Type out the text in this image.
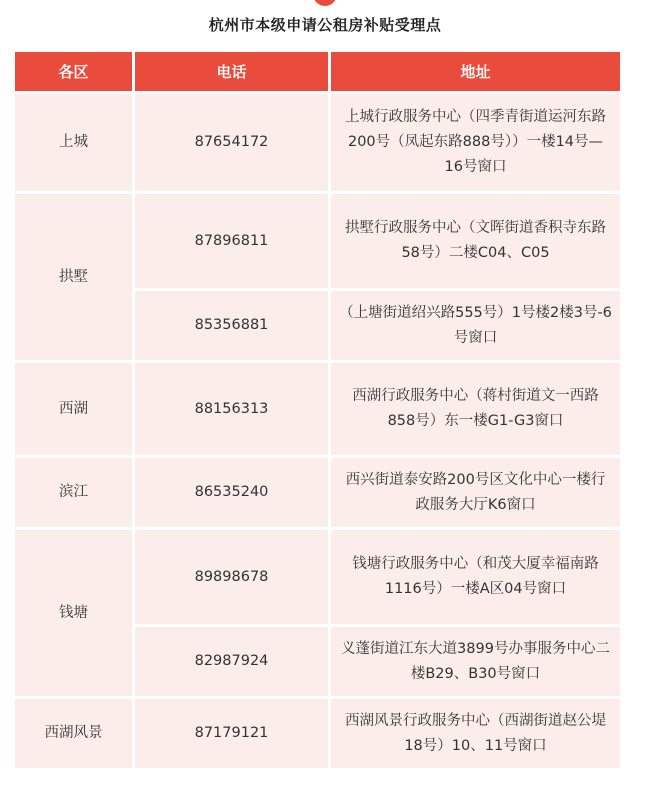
杭州市本级申请公租房补贴受理点
各区	电话	地址
上城	87654172	上城行政服务中心（四季青街道运河东路200号（凤起东路888号））一楼14号—16号窗口
拱墅	87896811	拱墅行政服务中心（文晖街道香积寺东路58号）二楼C04、C05
	85356881	（上塘街道绍兴路555号）1号楼2楼3号-6号窗口
西湖	88156313	西湖行政服务中心（蒋村街道文一西路858号）东一楼G1-G3窗口
滨江	86535240	西兴街道泰安路200号区文化中心一楼行政服务大厅K6窗口
钱塘	89898678	钱塘行政服务中心（和茂大厦幸福南路1116号）一楼A区04号窗口
	82987924	义蓬街道江东大道3899号办事服务中心二楼B29、B30号窗口
西湖风景	87179121	西湖风景行政服务中心（西湖街道赵公堤18号）10、11号窗口
